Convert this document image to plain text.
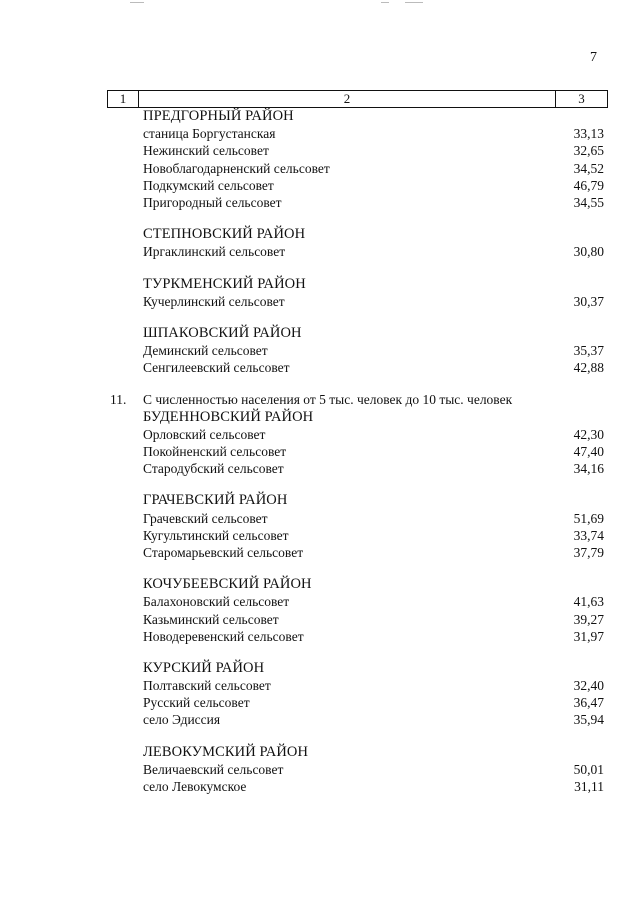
7
1	2	3
ПРЕДГОРНЫЙ РАЙОН
станица Боргустанская	33,13
Нежинский сельсовет	32,65
Новоблагодарненский сельсовет	34,52
Подкумский сельсовет	46,79
Пригородный сельсовет	34,55
СТЕПНОВСКИЙ РАЙОН
Иргаклинский сельсовет	30,80
ТУРКМЕНСКИЙ РАЙОН
Кучерлинский сельсовет	30,37
ШПАКОВСКИЙ РАЙОН
Деминский сельсовет	35,37
Сенгилеевский сельсовет	42,88
11. С численностью населения от 5 тыс. человек до 10 тыс. человек
БУДЕННОВСКИЙ РАЙОН
Орловский сельсовет	42,30
Покойненский сельсовет	47,40
Стародубский сельсовет	34,16
ГРАЧЕВСКИЙ РАЙОН
Грачевский сельсовет	51,69
Кугультинский сельсовет	33,74
Старомарьевский сельсовет	37,79
КОЧУБЕЕВСКИЙ РАЙОН
Балахоновский сельсовет	41,63
Казьминский сельсовет	39,27
Новодеревенский сельсовет	31,97
КУРСКИЙ РАЙОН
Полтавский сельсовет	32,40
Русский сельсовет	36,47
село Эдиссия	35,94
ЛЕВОКУМСКИЙ РАЙОН
Величаевский сельсовет	50,01
село Левокумское	31,11
